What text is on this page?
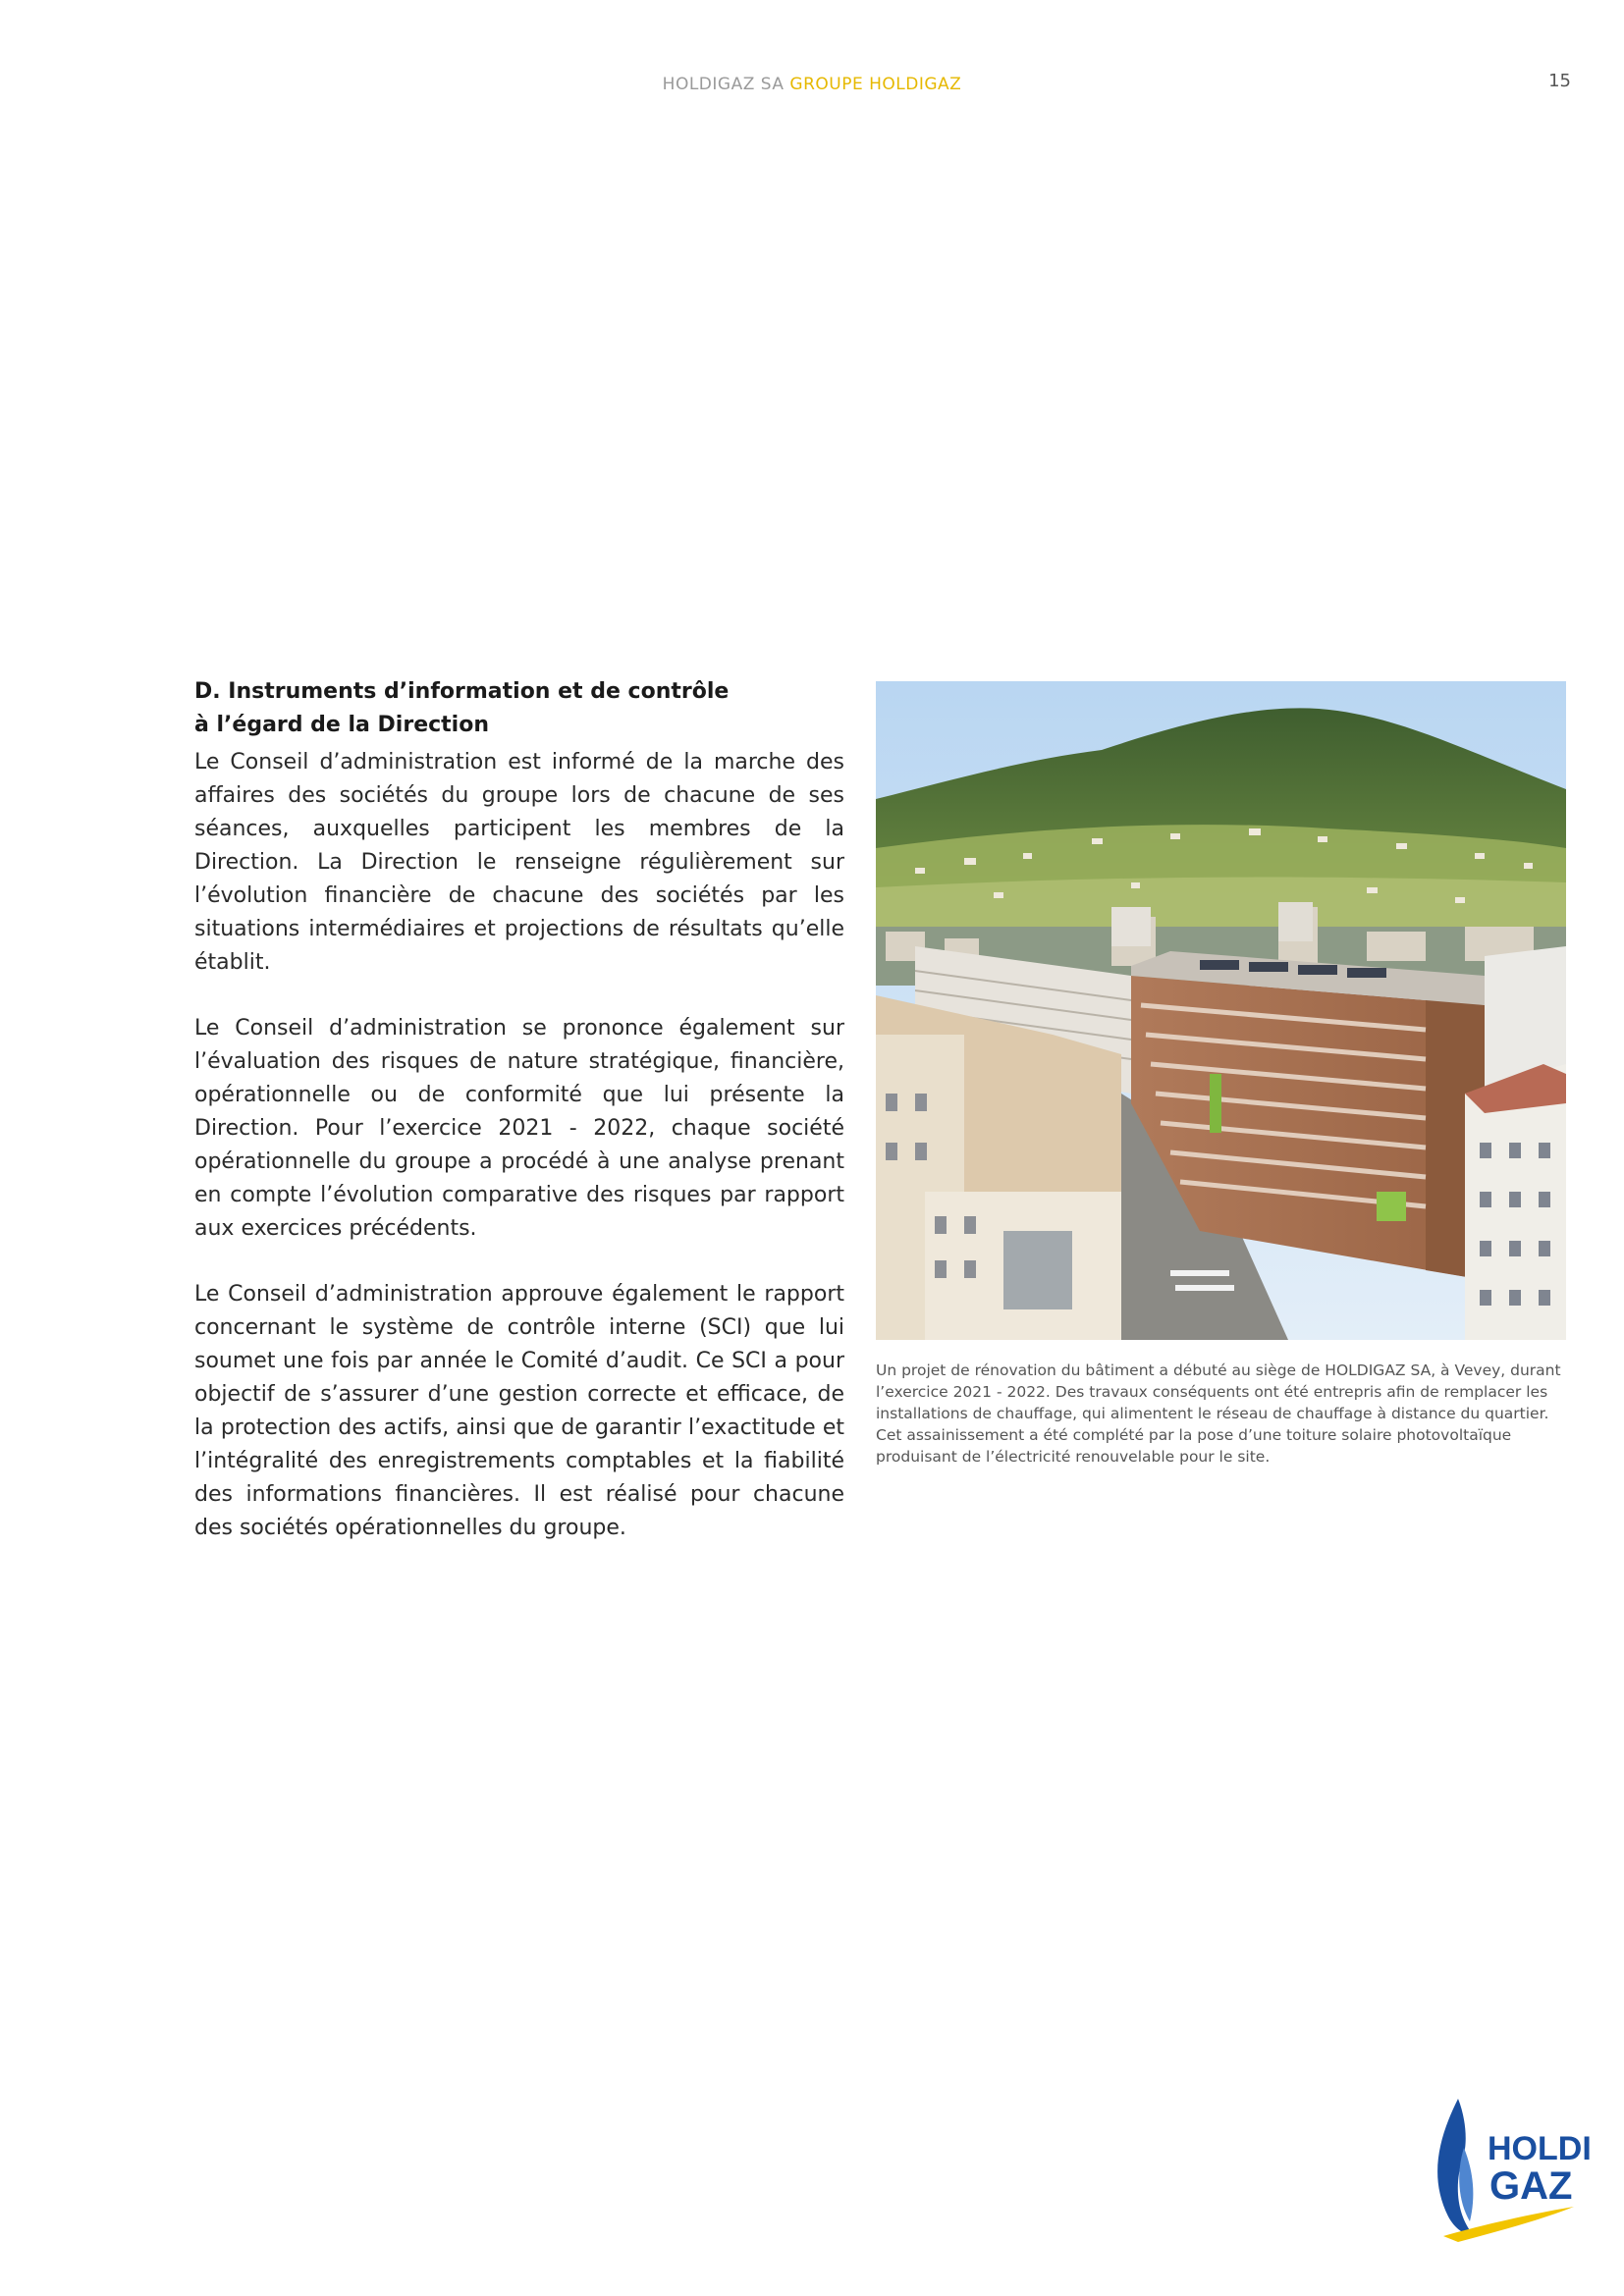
HOLDIGAZ SA GROUPE HOLDIGAZ	15
D. Instruments d’information et de contrôle
à l’égard de la Direction

Le Conseil d’administration est informé de la marche des affaires des sociétés du groupe lors de chacune de ses séances, auxquelles participent les membres de la Direction. La Direction le renseigne régulièrement sur l’évolution financière de chacune des sociétés par les situations intermédiaires et projections de résultats qu’elle établit.

Le Conseil d’administration se prononce également sur l’évaluation des risques de nature stratégique, financière, opérationnelle ou de conformité que lui présente la Direction. Pour l’exercice 2021 - 2022, chaque société opérationnelle du groupe a procédé à une analyse prenant en compte l’évolution comparative des risques par rapport aux exercices précédents.

Le Conseil d’administration approuve également le rapport concernant le système de contrôle interne (SCI) que lui soumet une fois par année le Comité d’audit. Ce SCI a pour objectif de s’assurer d’une gestion correcte et efficace, de la protection des actifs, ainsi que de garantir l’exactitude et l’intégralité des enregistrements comptables et la fiabilité des informations financières. Il est réalisé pour chacune des sociétés opérationnelles du groupe.

Un projet de rénovation du bâtiment a débuté au siège de HOLDIGAZ SA, à Vevey, durant l’exercice 2021 - 2022. Des travaux conséquents ont été entrepris afin de remplacer les installations de chauffage, qui alimentent le réseau de chauffage à distance du quartier. Cet assainissement a été complété par la pose d’une toiture solaire photovoltaïque produisant de l’électricité renouvelable pour le site.
HOLDI
GAZ
